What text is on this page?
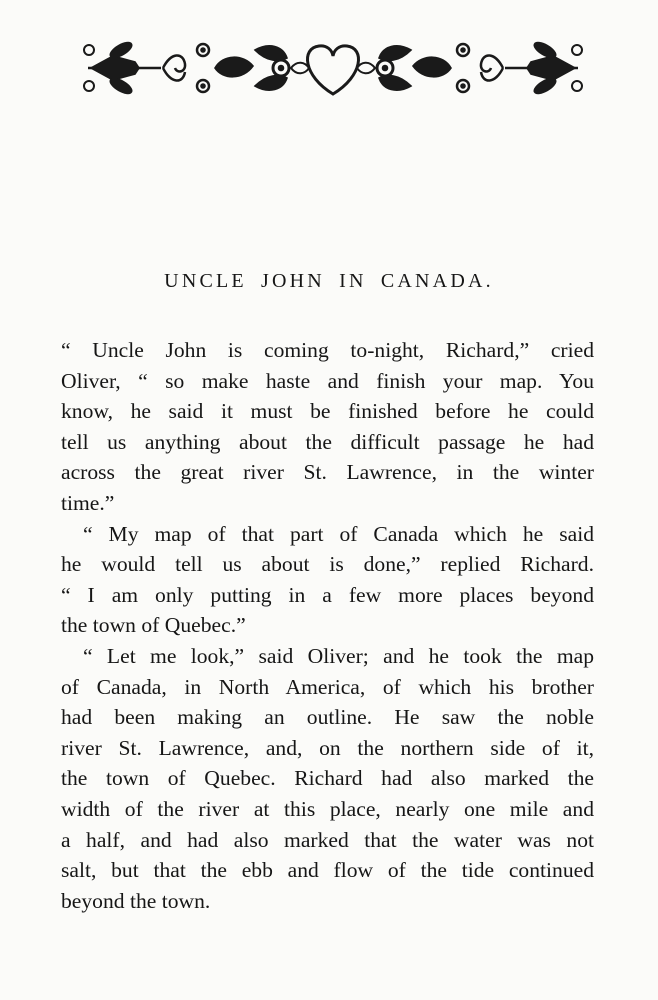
UNCLE JOHN IN CANADA.
“ Uncle John is coming to-night, Richard,” cried
Oliver, “ so make haste and finish your map. You
know, he said it must be finished before he could
tell us anything about the difficult passage he had
across the great river St. Lawrence, in the winter
time.”
“ My map of that part of Canada which he said
he would tell us about is done,” replied Richard.
“ I am only putting in a few more places beyond
the town of Quebec.”
“ Let me look,” said Oliver; and he took the map
of Canada, in North America, of which his brother
had been making an outline. He saw the noble
river St. Lawrence, and, on the northern side of it,
the town of Quebec. Richard had also marked the
width of the river at this place, nearly one mile and
a half, and had also marked that the water was not
salt, but that the ebb and flow of the tide continued
beyond the town.
